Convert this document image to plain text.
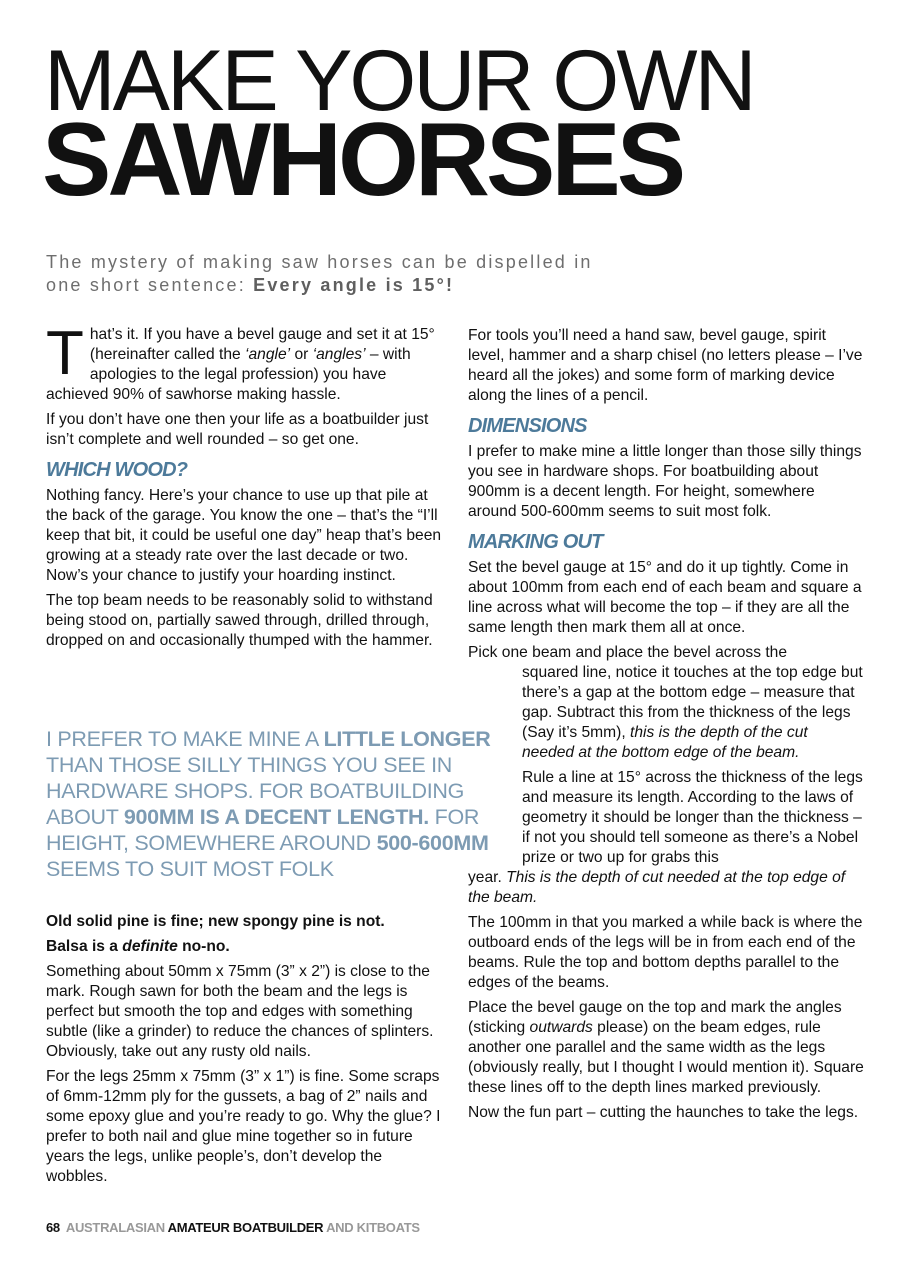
MAKE YOUR OWN
SAWHORSES

The mystery of making saw horses can be dispelled in one short sentence: Every angle is 15°!

That’s it. If you have a bevel gauge and set it at 15° (hereinafter called the ‘angle’ or ‘angles’ – with apologies to the legal profession) you have achieved 90% of sawhorse making hassle.

If you don’t have one then your life as a boatbuilder just isn’t complete and well rounded – so get one.

WHICH WOOD?

Nothing fancy. Here’s your chance to use up that pile at the back of the garage. You know the one – that’s the “I’ll keep that bit, it could be useful one day” heap that’s been growing at a steady rate over the last decade or two. Now’s your chance to justify your hoarding instinct.

The top beam needs to be reasonably solid to withstand being stood on, partially sawed through, drilled through, dropped on and occasionally thumped with the hammer.

I PREFER TO MAKE MINE A LITTLE LONGER THAN THOSE SILLY THINGS YOU SEE IN HARDWARE SHOPS. FOR BOATBUILDING ABOUT 900MM IS A DECENT LENGTH. FOR HEIGHT, SOMEWHERE AROUND 500-600MM SEEMS TO SUIT MOST FOLK

Old solid pine is fine; new spongy pine is not.

Balsa is a definite no-no.

Something about 50mm x 75mm (3” x 2”) is close to the mark. Rough sawn for both the beam and the legs is perfect but smooth the top and edges with something subtle (like a grinder) to reduce the chances of splinters. Obviously, take out any rusty old nails.

For the legs 25mm x 75mm (3” x 1”) is fine. Some scraps of 6mm-12mm ply for the gussets, a bag of 2” nails and some epoxy glue and you’re ready to go. Why the glue? I prefer to both nail and glue mine together so in future years the legs, unlike people’s, don’t develop the wobbles.

For tools you’ll need a hand saw, bevel gauge, spirit level, hammer and a sharp chisel (no letters please – I’ve heard all the jokes) and some form of marking device along the lines of a pencil.

DIMENSIONS

I prefer to make mine a little longer than those silly things you see in hardware shops. For boatbuilding about 900mm is a decent length. For height, somewhere around 500-600mm seems to suit most folk.

MARKING OUT

Set the bevel gauge at 15° and do it up tightly. Come in about 100mm from each end of each beam and square a line across what will become the top – if they are all the same length then mark them all at once.

Pick one beam and place the bevel across the

squared line, notice it touches at the top edge but there’s a gap at the bottom edge – measure that gap. Subtract this from the thickness of the legs (Say it’s 5mm), this is the depth of the cut needed at the bottom edge of the beam.

Rule a line at 15° across the thickness of the legs and measure its length. According to the laws of geometry it should be longer than the thickness – if not you should tell someone as there’s a Nobel prize or two up for grabs this

year. This is the depth of cut needed at the top edge of the beam.

The 100mm in that you marked a while back is where the outboard ends of the legs will be in from each end of the beams. Rule the top and bottom depths parallel to the edges of the beams.

Place the bevel gauge on the top and mark the angles (sticking outwards please) on the beam edges, rule another one parallel and the same width as the legs (obviously really, but I thought I would mention it). Square these lines off to the depth lines marked previously.

Now the fun part – cutting the haunches to take the legs.

68 AUSTRALASIAN AMATEUR BOATBUILDER AND KITBOATS
